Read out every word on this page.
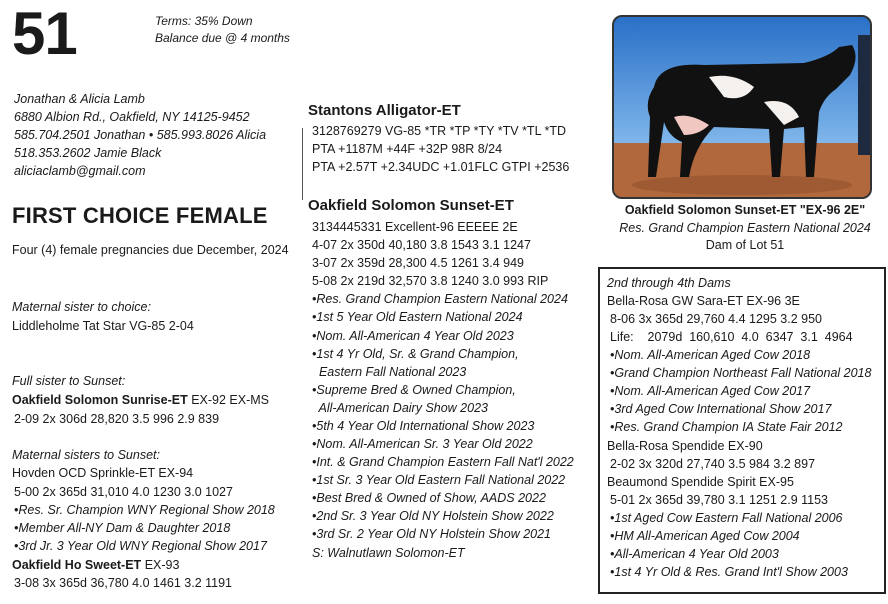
51	Terms: 35% Down
Balance due @ 4 months
Jonathan & Alicia Lamb
6880 Albion Rd., Oakfield, NY 14125-9452
585.704.2501 Jonathan • 585.993.8026 Alicia
518.353.2602 Jamie Black
aliciaclamb@gmail.com
FIRST CHOICE FEMALE
Four (4) female pregnancies due December, 2024
Maternal sister to choice:
Liddleholme Tat Star VG-85 2-04
Full sister to Sunset:
Oakfield Solomon Sunrise-ET EX-92 EX-MS
2-09 2x 306d 28,820 3.5 996 2.9 839
Maternal sisters to Sunset:
Hovden OCD Sprinkle-ET EX-94
5-00 2x 365d 31,010 4.0 1230 3.0 1027
•Res. Sr. Champion WNY Regional Show 2018
•Member All-NY Dam & Daughter 2018
•3rd Jr. 3 Year Old WNY Regional Show 2017
Oakfield Ho Sweet-ET EX-93
3-08 3x 365d 36,780 4.0 1461 3.2 1191
Stantons Alligator-ET
3128769279 VG-85 *TR *TP *TY *TV *TL *TD
PTA +1187M +44F +32P 98R 8/24
PTA +2.57T +2.34UDC +1.01FLC GTPI +2536
Oakfield Solomon Sunset-ET
3134445331 Excellent-96 EEEEE 2E
4-07 2x 350d 40,180 3.8 1543 3.1 1247
3-07 2x 359d 28,300 4.5 1261 3.4 949
5-08 2x 219d 32,570 3.8 1240 3.0 993 RIP
•Res. Grand Champion Eastern National 2024
•1st 5 Year Old Eastern National 2024
•Nom. All-American 4 Year Old 2023
•1st 4 Yr Old, Sr. & Grand Champion,
Eastern Fall National 2023
•Supreme Bred & Owned Champion,
All-American Dairy Show 2023
•5th 4 Year Old International Show 2023
•Nom. All-American Sr. 3 Year Old 2022
•Int. & Grand Champion Eastern Fall Nat'l 2022
•1st Sr. 3 Year Old Eastern Fall National 2022
•Best Bred & Owned of Show, AADS 2022
•2nd Sr. 3 Year Old NY Holstein Show 2022
•3rd Sr. 2 Year Old NY Holstein Show 2021
S: Walnutlawn Solomon-ET
Oakfield Solomon Sunset-ET "EX-96 2E"
Res. Grand Champion Eastern National 2024
Dam of Lot 51
2nd through 4th Dams
Bella-Rosa GW Sara-ET EX-96 3E
8-06 3x 365d 29,760 4.4 1295 3.2 950
Life:    2079d  160,610  4.0  6347  3.1  4964
•Nom. All-American Aged Cow 2018
•Grand Champion Northeast Fall National 2018
•Nom. All-American Aged Cow 2017
•3rd Aged Cow International Show 2017
•Res. Grand Champion IA State Fair 2012
Bella-Rosa Spendide EX-90
2-02 3x 320d 27,740 3.5 984 3.2 897
Beaumond Spendide Spirit EX-95
5-01 2x 365d 39,780 3.1 1251 2.9 1153
•1st Aged Cow Eastern Fall National 2006
•HM All-American Aged Cow 2004
•All-American 4 Year Old 2003
•1st 4 Yr Old & Res. Grand Int'l Show 2003
